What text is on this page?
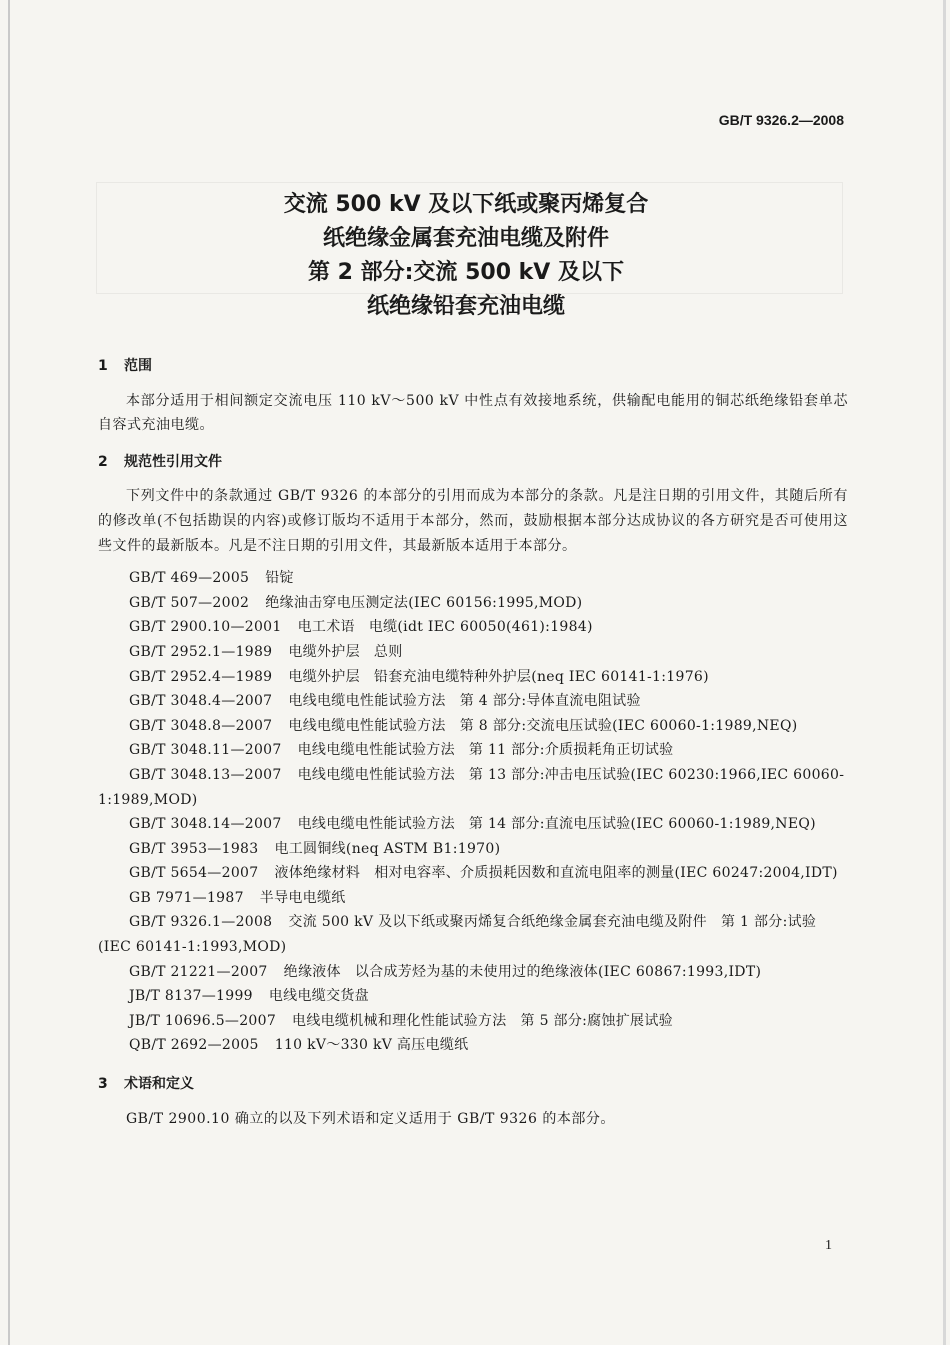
GB/T 9326.2—2008
交流 500 kV 及以下纸或聚丙烯复合
纸绝缘金属套充油电缆及附件
第 2 部分:交流 500 kV 及以下
纸绝缘铅套充油电缆
1 范围
本部分适用于相间额定交流电压 110 kV～500 kV 中性点有效接地系统，供输配电能用的铜芯纸绝缘铅套单芯自容式充油电缆。
2 规范性引用文件
下列文件中的条款通过 GB/T 9326 的本部分的引用而成为本部分的条款。凡是注日期的引用文件，其随后所有的修改单(不包括勘误的内容)或修订版均不适用于本部分，然而，鼓励根据本部分达成协议的各方研究是否可使用这些文件的最新版本。凡是不注日期的引用文件，其最新版本适用于本部分。
GB/T 469—2005 铅锭
GB/T 507—2002 绝缘油击穿电压测定法(IEC 60156:1995,MOD)
GB/T 2900.10—2001 电工术语 电缆(idt IEC 60050(461):1984)
GB/T 2952.1—1989 电缆外护层 总则
GB/T 2952.4—1989 电缆外护层 铅套充油电缆特种外护层(neq IEC 60141-1:1976)
GB/T 3048.4—2007 电线电缆电性能试验方法 第 4 部分:导体直流电阻试验
GB/T 3048.8—2007 电线电缆电性能试验方法 第 8 部分:交流电压试验(IEC 60060-1:1989,NEQ)
GB/T 3048.11—2007 电线电缆电性能试验方法 第 11 部分:介质损耗角正切试验
GB/T 3048.13—2007 电线电缆电性能试验方法 第 13 部分:冲击电压试验(IEC 60230:1966,IEC 60060-1:1989,MOD)
GB/T 3048.14—2007 电线电缆电性能试验方法 第 14 部分:直流电压试验(IEC 60060-1:1989,NEQ)
GB/T 3953—1983 电工圆铜线(neq ASTM B1:1970)
GB/T 5654—2007 液体绝缘材料 相对电容率、介质损耗因数和直流电阻率的测量(IEC 60247:2004,IDT)
GB 7971—1987 半导电电缆纸
GB/T 9326.1—2008 交流 500 kV 及以下纸或聚丙烯复合纸绝缘金属套充油电缆及附件 第 1 部分:试验(IEC 60141-1:1993,MOD)
GB/T 21221—2007 绝缘液体 以合成芳烃为基的未使用过的绝缘液体(IEC 60867:1993,IDT)
JB/T 8137—1999 电线电缆交货盘
JB/T 10696.5—2007 电线电缆机械和理化性能试验方法 第 5 部分:腐蚀扩展试验
QB/T 2692—2005 110 kV～330 kV 高压电缆纸
3 术语和定义
GB/T 2900.10 确立的以及下列术语和定义适用于 GB/T 9326 的本部分。
1
